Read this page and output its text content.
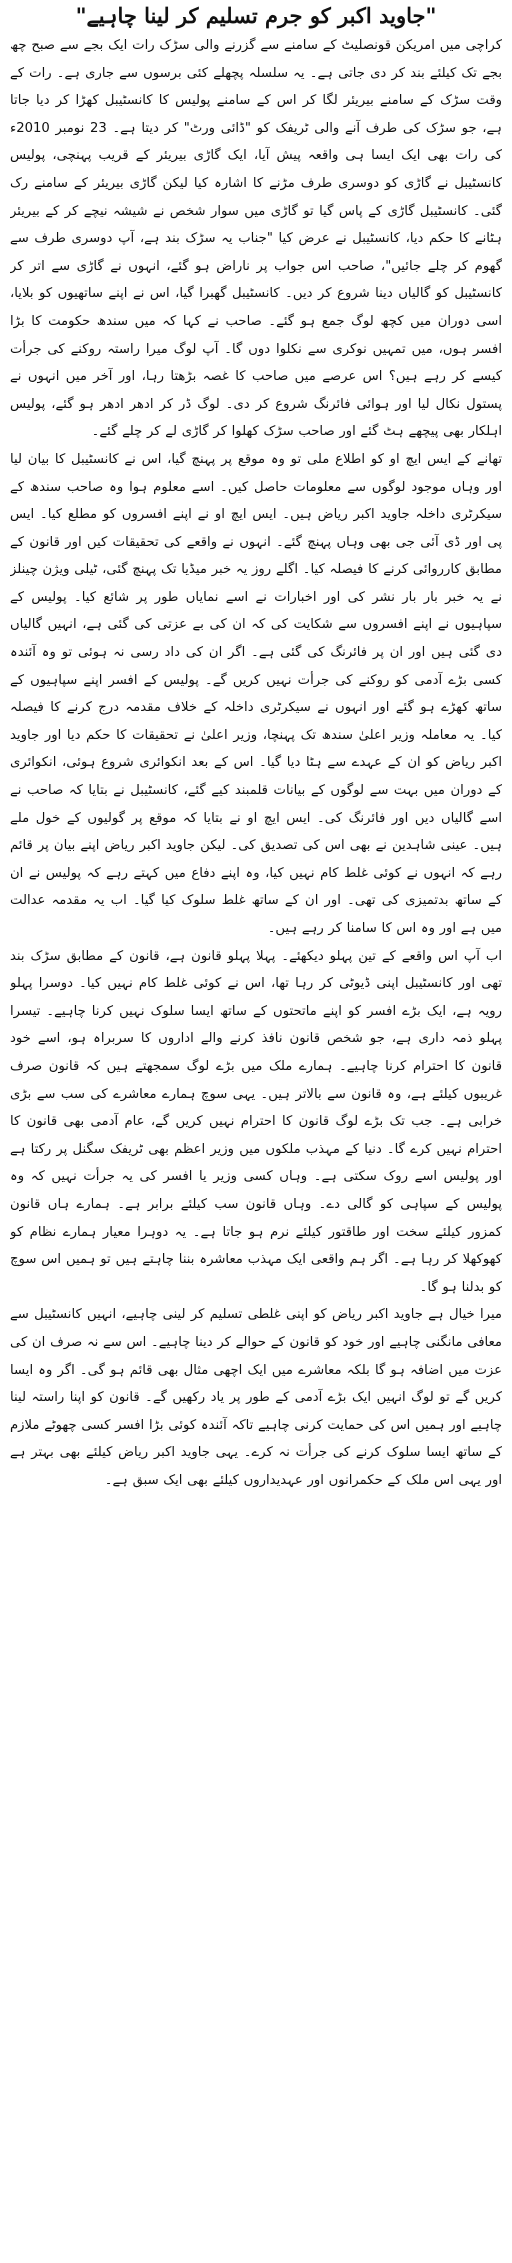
"جاوید اکبر کو جرم تسلیم کر لینا چاہیے"

کراچی میں امریکن قونصلیٹ کے سامنے سے گزرنے والی سڑک رات ایک بجے سے صبح چھ بجے تک کیلئے بند کر دی جاتی ہے۔ یہ سلسلہ پچھلے کئی برسوں سے جاری ہے۔ رات کے وقت سڑک کے سامنے بیریئر لگا کر اس کے سامنے پولیس کا کانسٹیبل کھڑا کر دیا جاتا ہے، جو سڑک کی طرف آنے والی ٹریفک کو "ڈائی ورٹ" کر دیتا ہے۔ 23 نومبر 2010ء کی رات بھی ایک ایسا ہی واقعہ پیش آیا، ایک گاڑی بیریئر کے قریب پہنچی، پولیس کانسٹیبل نے گاڑی کو دوسری طرف مڑنے کا اشارہ کیا لیکن گاڑی بیریئر کے سامنے رک گئی۔ کانسٹیبل گاڑی کے پاس گیا تو گاڑی میں سوار شخص نے شیشہ نیچے کر کے بیریئر ہٹانے کا حکم دیا، کانسٹیبل نے عرض کیا "جناب یہ سڑک بند ہے، آپ دوسری طرف سے گھوم کر چلے جائیں"، صاحب اس جواب پر ناراض ہو گئے، انہوں نے گاڑی سے اتر کر کانسٹیبل کو گالیاں دینا شروع کر دیں۔ کانسٹیبل گھبرا گیا، اس نے اپنے ساتھیوں کو بلایا، اسی دوران میں کچھ لوگ جمع ہو گئے۔ صاحب نے کہا کہ میں سندھ حکومت کا بڑا افسر ہوں، میں تمہیں نوکری سے نکلوا دوں گا۔ آپ لوگ میرا راستہ روکنے کی جرأت کیسے کر رہے ہیں؟ اس عرصے میں صاحب کا غصہ بڑھتا رہا، اور آخر میں انہوں نے پستول نکال لیا اور ہوائی فائرنگ شروع کر دی۔ لوگ ڈر کر ادھر ادھر ہو گئے، پولیس اہلکار بھی پیچھے ہٹ گئے اور صاحب سڑک کھلوا کر گاڑی لے کر چلے گئے۔

تھانے کے ایس ایچ او کو اطلاع ملی تو وہ موقع پر پہنچ گیا، اس نے کانسٹیبل کا بیان لیا اور وہاں موجود لوگوں سے معلومات حاصل کیں۔ اسے معلوم ہوا وہ صاحب سندھ کے سیکرٹری داخلہ جاوید اکبر ریاض ہیں۔ ایس ایچ او نے اپنے افسروں کو مطلع کیا۔ ایس پی اور ڈی آئی جی بھی وہاں پہنچ گئے۔ انہوں نے واقعے کی تحقیقات کیں اور قانون کے مطابق کارروائی کرنے کا فیصلہ کیا۔ اگلے روز یہ خبر میڈیا تک پہنچ گئی، ٹیلی ویژن چینلز نے یہ خبر بار بار نشر کی اور اخبارات نے اسے نمایاں طور پر شائع کیا۔ پولیس کے سپاہیوں نے اپنے افسروں سے شکایت کی کہ ان کی بے عزتی کی گئی ہے، انہیں گالیاں دی گئی ہیں اور ان پر فائرنگ کی گئی ہے۔ اگر ان کی داد رسی نہ ہوئی تو وہ آئندہ کسی بڑے آدمی کو روکنے کی جرأت نہیں کریں گے۔ پولیس کے افسر اپنے سپاہیوں کے ساتھ کھڑے ہو گئے اور انہوں نے سیکرٹری داخلہ کے خلاف مقدمہ درج کرنے کا فیصلہ کیا۔ یہ معاملہ وزیر اعلیٰ سندھ تک پہنچا، وزیر اعلیٰ نے تحقیقات کا حکم دیا اور جاوید اکبر ریاض کو ان کے عہدے سے ہٹا دیا گیا۔ اس کے بعد انکوائری شروع ہوئی، انکوائری کے دوران میں بہت سے لوگوں کے بیانات قلمبند کیے گئے، کانسٹیبل نے بتایا کہ صاحب نے اسے گالیاں دیں اور فائرنگ کی۔ ایس ایچ او نے بتایا کہ موقع پر گولیوں کے خول ملے ہیں۔ عینی شاہدین نے بھی اس کی تصدیق کی۔ لیکن جاوید اکبر ریاض اپنے بیان پر قائم رہے کہ انہوں نے کوئی غلط کام نہیں کیا، وہ اپنے دفاع میں کہتے رہے کہ پولیس نے ان کے ساتھ بدتمیزی کی تھی۔ اور ان کے ساتھ غلط سلوک کیا گیا۔ اب یہ مقدمہ عدالت میں ہے اور وہ اس کا سامنا کر رہے ہیں۔

اب آپ اس واقعے کے تین پہلو دیکھئے۔ پہلا پہلو قانون ہے، قانون کے مطابق سڑک بند تھی اور کانسٹیبل اپنی ڈیوٹی کر رہا تھا، اس نے کوئی غلط کام نہیں کیا۔ دوسرا پہلو رویہ ہے، ایک بڑے افسر کو اپنے ماتحتوں کے ساتھ ایسا سلوک نہیں کرنا چاہیے۔ تیسرا پہلو ذمہ داری ہے، جو شخص قانون نافذ کرنے والے اداروں کا سربراہ ہو، اسے خود قانون کا احترام کرنا چاہیے۔ ہمارے ملک میں بڑے لوگ سمجھتے ہیں کہ قانون صرف غریبوں کیلئے ہے، وہ قانون سے بالاتر ہیں۔ یہی سوچ ہمارے معاشرے کی سب سے بڑی خرابی ہے۔ جب تک بڑے لوگ قانون کا احترام نہیں کریں گے، عام آدمی بھی قانون کا احترام نہیں کرے گا۔ دنیا کے مہذب ملکوں میں وزیر اعظم بھی ٹریفک سگنل پر رکتا ہے اور پولیس اسے روک سکتی ہے۔ وہاں کسی وزیر یا افسر کی یہ جرأت نہیں کہ وہ پولیس کے سپاہی کو گالی دے۔ وہاں قانون سب کیلئے برابر ہے۔ ہمارے ہاں قانون کمزور کیلئے سخت اور طاقتور کیلئے نرم ہو جاتا ہے۔ یہ دوہرا معیار ہمارے نظام کو کھوکھلا کر رہا ہے۔ اگر ہم واقعی ایک مہذب معاشرہ بننا چاہتے ہیں تو ہمیں اس سوچ کو بدلنا ہو گا۔

میرا خیال ہے جاوید اکبر ریاض کو اپنی غلطی تسلیم کر لینی چاہیے، انہیں کانسٹیبل سے معافی مانگنی چاہیے اور خود کو قانون کے حوالے کر دینا چاہیے۔ اس سے نہ صرف ان کی عزت میں اضافہ ہو گا بلکہ معاشرے میں ایک اچھی مثال بھی قائم ہو گی۔ اگر وہ ایسا کریں گے تو لوگ انہیں ایک بڑے آدمی کے طور پر یاد رکھیں گے۔ قانون کو اپنا راستہ لینا چاہیے اور ہمیں اس کی حمایت کرنی چاہیے تاکہ آئندہ کوئی بڑا افسر کسی چھوٹے ملازم کے ساتھ ایسا سلوک کرنے کی جرأت نہ کرے۔ یہی جاوید اکبر ریاض کیلئے بھی بہتر ہے اور یہی اس ملک کے حکمرانوں اور عہدیداروں کیلئے بھی ایک سبق ہے۔
